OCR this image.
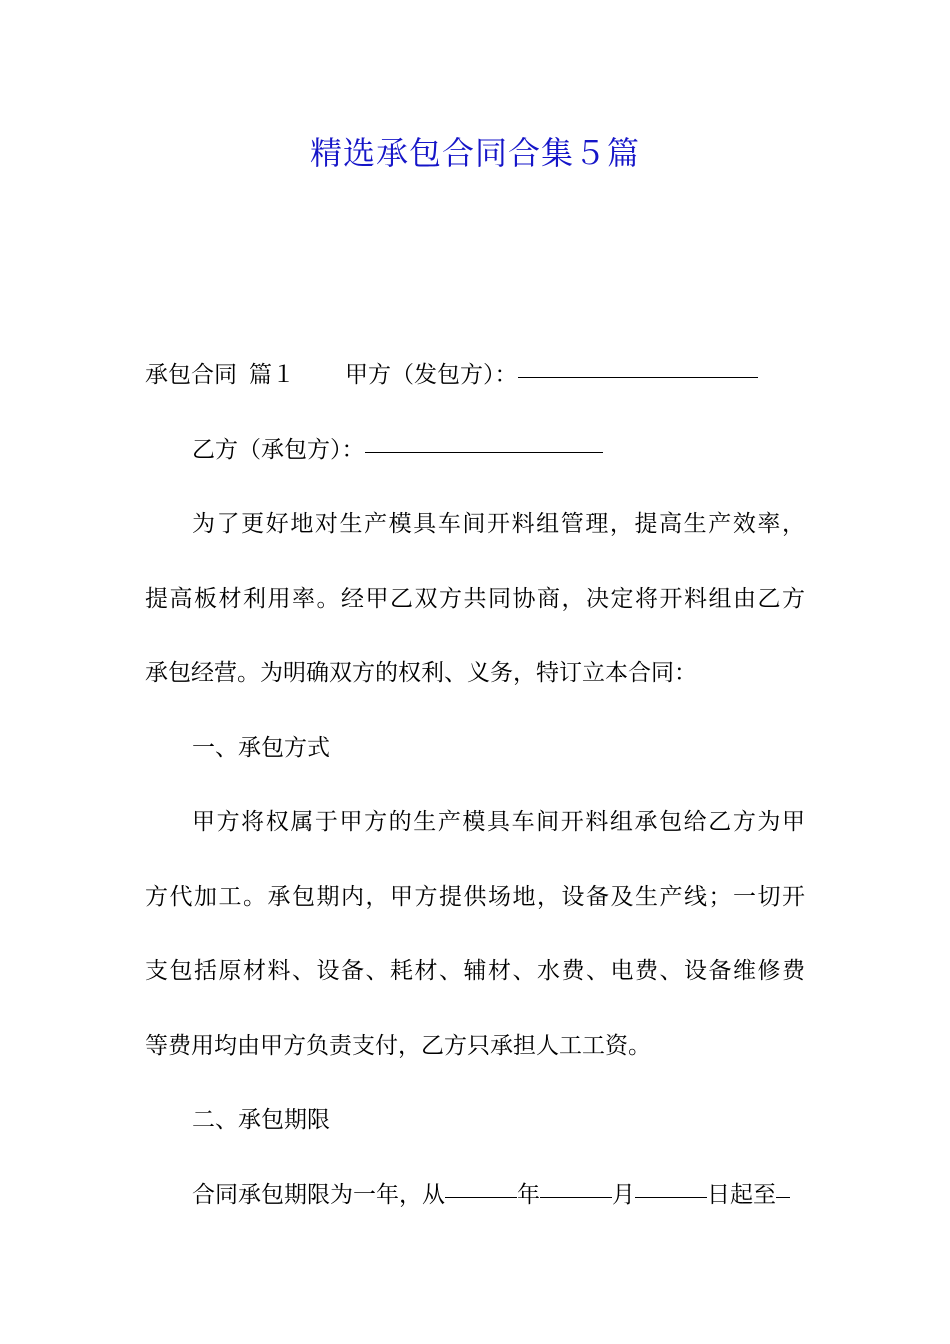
精选承包合同合集５篇
承包合同 篇１ 甲方（发包方）：
乙方（承包方）：
为了更好地对生产模具车间开料组管理，提高生产效率，
提高板材利用率。经甲乙双方共同协商，决定将开料组由乙方
承包经营。为明确双方的权利、义务，特订立本合同：
一、承包方式
甲方将权属于甲方的生产模具车间开料组承包给乙方为甲
方代加工。承包期内，甲方提供场地，设备及生产线；一切开
支包括原材料、设备、耗材、辅材、水费、电费、设备维修费
等费用均由甲方负责支付，乙方只承担人工工资。
二、承包期限
合同承包期限为一年，从	年	月	日起至
